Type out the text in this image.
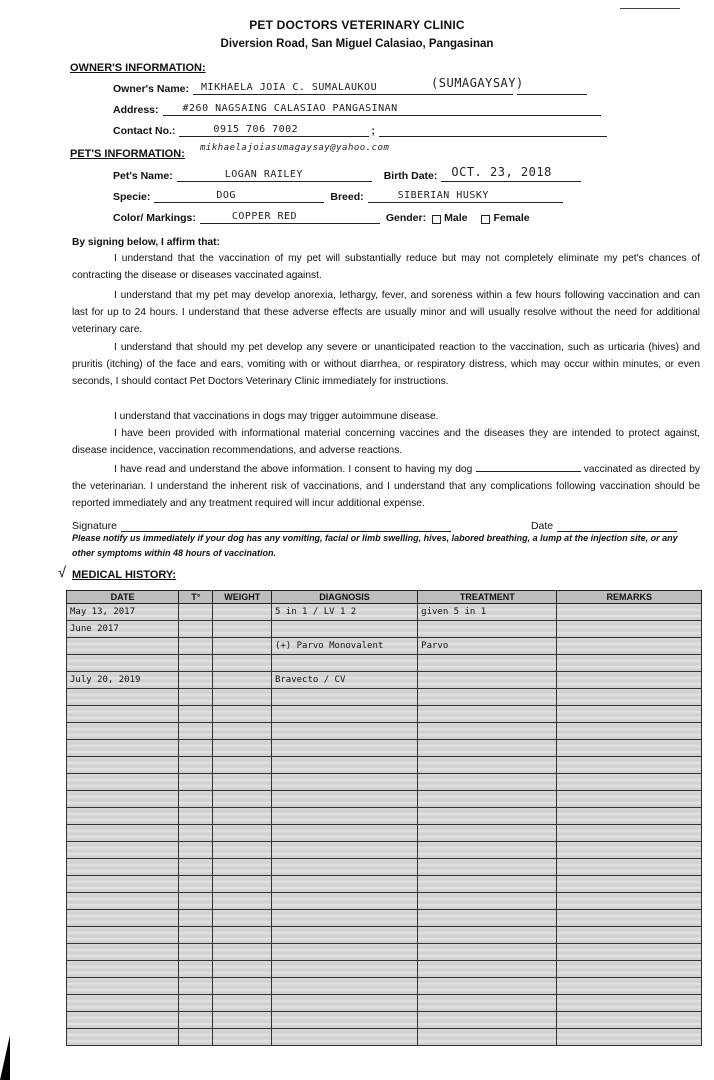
PET DOCTORS VETERINARY CLINIC
Diversion Road, San Miguel Calasiao, Pangasinan
OWNER'S INFORMATION:
Owner's Name: MIKHAELA JOIA C. SUMALAUKOU	(SUMAGAYSAY)
Address: #260 NAGSAING CALASIAO PANGASINAN
Contact No.:	0915 706 7002	;
PET'S INFORMATION: mikhaelajoiasumagaysay@yahoo.com
Pet's Name:	LOGAN RAILEY	Birth Date: OCT. 23, 2018
Specie:	DOG	Breed:	SIBERIAN HUSKY
Color/ Markings:	COPPER RED	Gender: Male Female
By signing below, I affirm that:
I understand that the vaccination of my pet will substantially reduce but may not completely eliminate my pet's chances of contracting the disease or diseases vaccinated against.
I understand that my pet may develop anorexia, lethargy, fever, and soreness within a few hours following vaccination and can last for up to 24 hours. I understand that these adverse effects are usually minor and will usually resolve without the need for additional veterinary care.
I understand that should my pet develop any severe or unanticipated reaction to the vaccination, such as urticaria (hives) and pruritis (itching) of the face and ears, vomiting with or without diarrhea, or respiratory distress, which may occur within minutes, or even seconds, I should contact Pet Doctors Veterinary Clinic immediately for instructions.
I understand that vaccinations in dogs may trigger autoimmune disease.
I have been provided with informational material concerning vaccines and the diseases they are intended to protect against, disease incidence, vaccination recommendations, and adverse reactions.
I have read and understand the above information. I consent to having my dog	vaccinated as directed by the veterinarian. I understand the inherent risk of vaccinations, and I understand that any complications following vaccination should be reported immediately and any treatment required will incur additional expense.
Signature	Date
Please notify us immediately if your dog has any vomiting, facial or limb swelling, hives, labored breathing, a lump at the injection site, or any other symptoms within 48 hours of vaccination.
MEDICAL HISTORY:
√
DATE	T°	WEIGHT	DIAGNOSIS	TREATMENT	REMARKS
May 13, 2017			5 in 1 / LV 1 2	given 5 in 1	
June 2017					
			(+) Parvo Monovalent	Parvo	

July 20, 2019			Bravecto / CV		
